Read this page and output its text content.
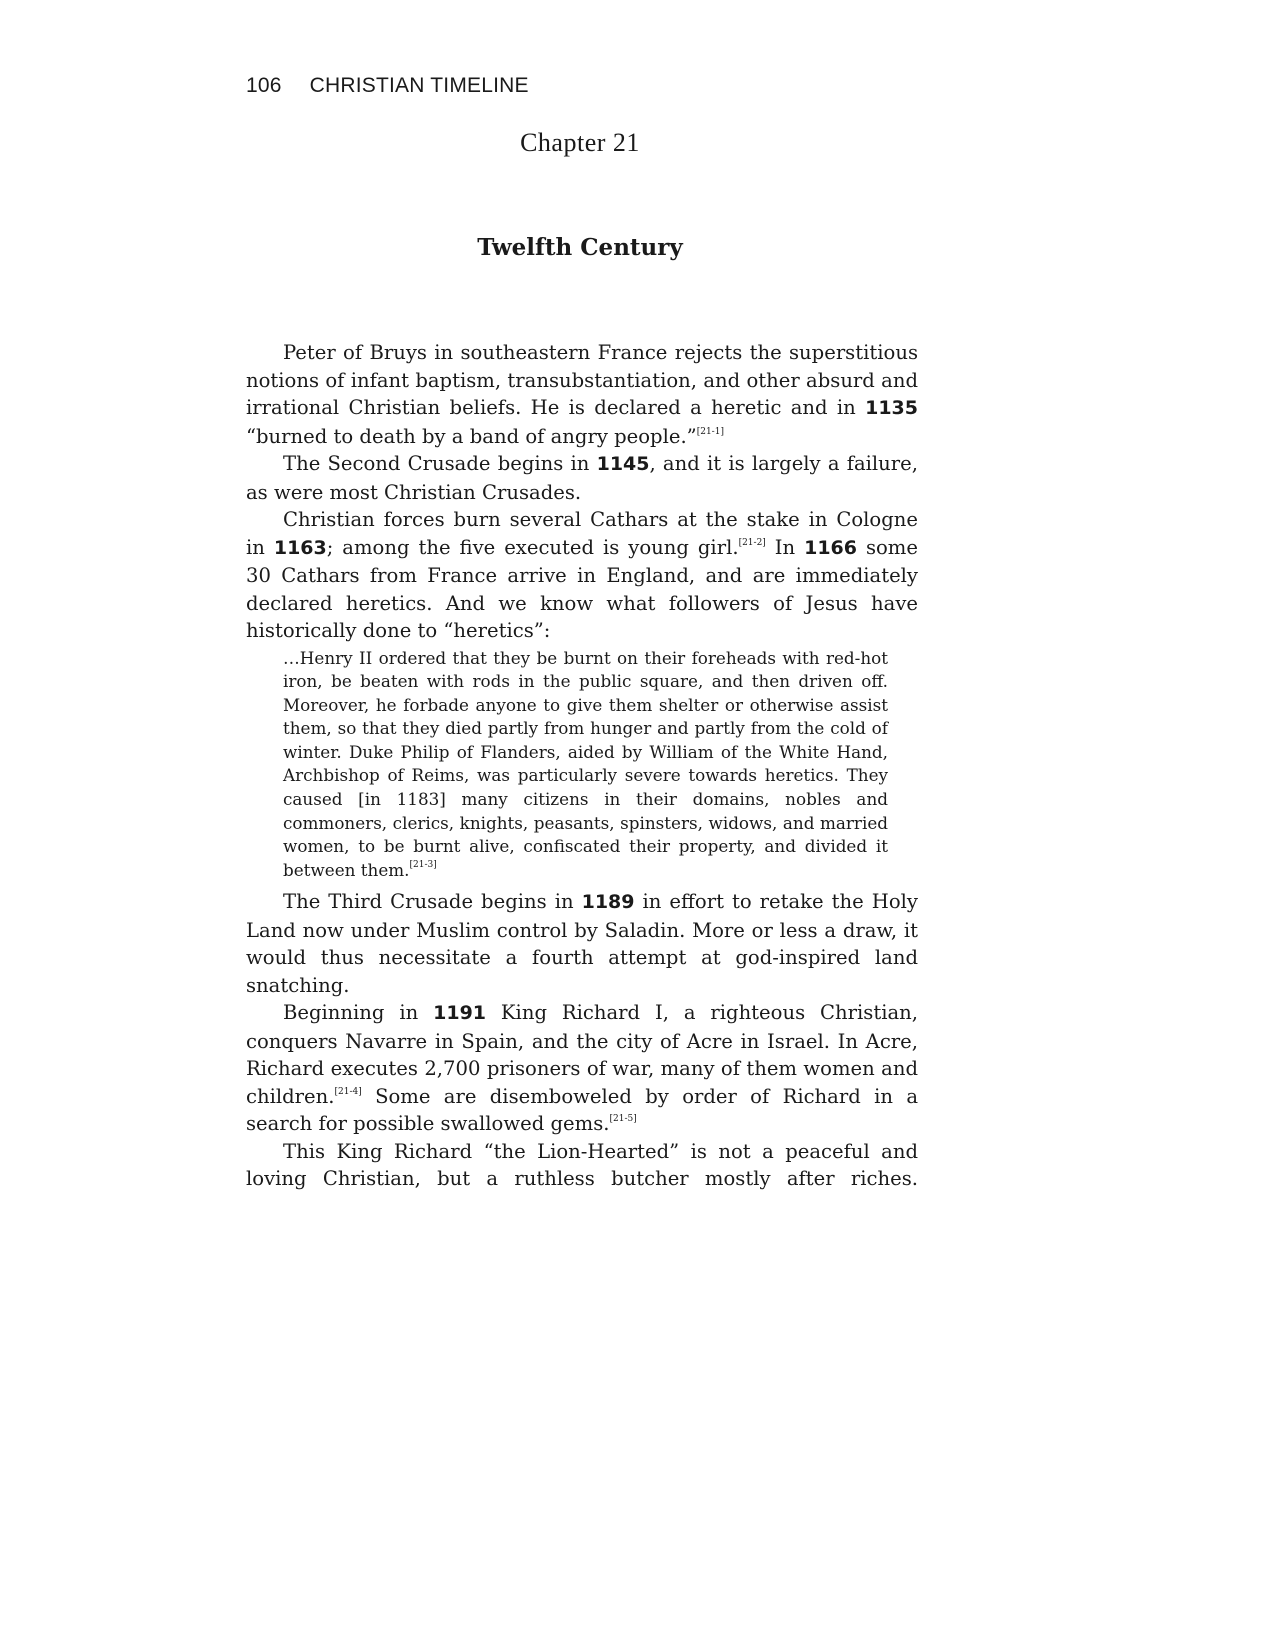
106 CHRISTIAN TIMELINE
Chapter 21
Twelfth Century

Peter of Bruys in southeastern France rejects the superstitious notions of infant baptism, transubstantiation, and other absurd and irrational Christian beliefs. He is declared a heretic and in 1135 “burned to death by a band of angry people.”[21-1]

The Second Crusade begins in 1145, and it is largely a failure, as were most Christian Crusades.

Christian forces burn several Cathars at the stake in Cologne in 1163; among the five executed is young girl.[21-2] In 1166 some 30 Cathars from France arrive in England, and are immediately declared heretics. And we know what followers of Jesus have historically done to “heretics”:

…Henry II ordered that they be burnt on their foreheads with red-hot iron, be beaten with rods in the public square, and then driven off. Moreover, he forbade anyone to give them shelter or otherwise assist them, so that they died partly from hunger and partly from the cold of winter. Duke Philip of Flanders, aided by William of the White Hand, Archbishop of Reims, was particularly severe towards heretics. They caused [in 1183] many citizens in their domains, nobles and commoners, clerics, knights, peasants, spinsters, widows, and married women, to be burnt alive, confiscated their property, and divided it between them.[21-3]

The Third Crusade begins in 1189 in effort to retake the Holy Land now under Muslim control by Saladin. More or less a draw, it would thus necessitate a fourth attempt at god-inspired land snatching.

Beginning in 1191 King Richard I, a righteous Christian, conquers Navarre in Spain, and the city of Acre in Israel. In Acre, Richard executes 2,700 prisoners of war, many of them women and children.[21-4] Some are disemboweled by order of Richard in a search for possible swallowed gems.[21-5]

This King Richard “the Lion-Hearted” is not a peaceful and loving Christian, but a ruthless butcher mostly after riches.
